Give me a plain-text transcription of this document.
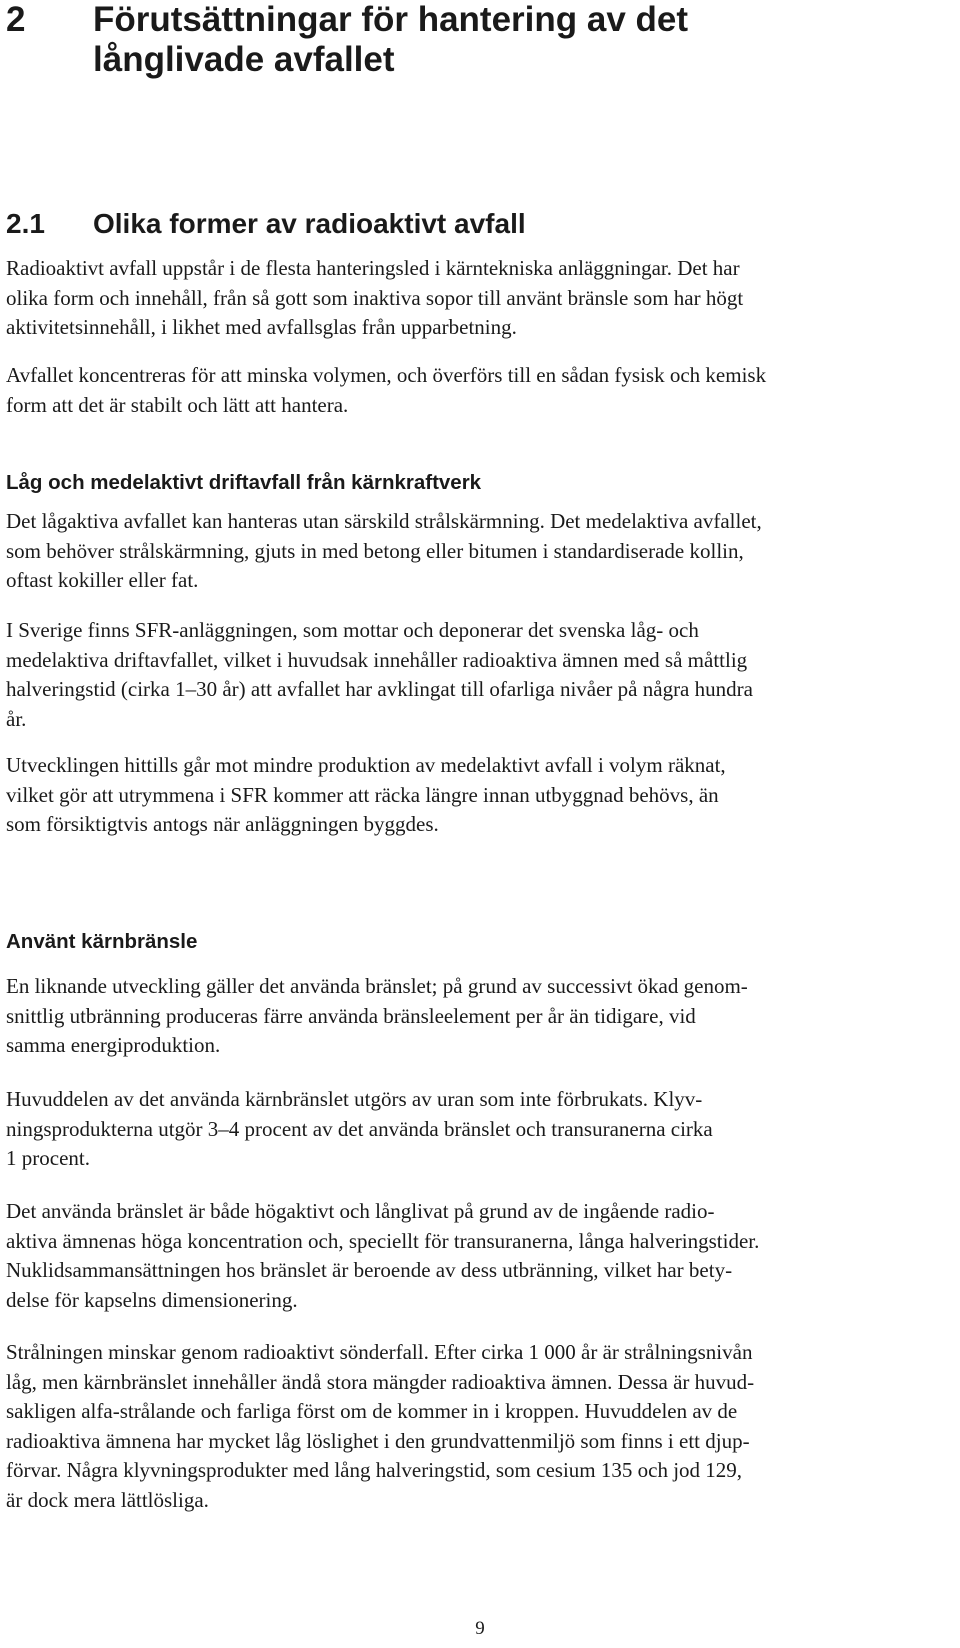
2	Förutsättningar för hantering av det
långlivade avfallet
2.1	Olika former av radioaktivt avfall

Radioaktivt avfall uppstår i de flesta hanteringsled i kärntekniska anläggningar. Det har
olika form och innehåll, från så gott som inaktiva sopor till använt bränsle som har högt
aktivitetsinnehåll, i likhet med avfallsglas från upparbetning.

Avfallet koncentreras för att minska volymen, och överförs till en sådan fysisk och kemisk
form att det är stabilt och lätt att hantera.

Låg och medelaktivt driftavfall från kärnkraftverk

Det lågaktiva avfallet kan hanteras utan särskild strålskärmning. Det medelaktiva avfallet,
som behöver strålskärmning, gjuts in med betong eller bitumen i standardiserade kollin,
oftast kokiller eller fat.

I Sverige finns SFR-anläggningen, som mottar och deponerar det svenska låg- och
medelaktiva driftavfallet, vilket i huvudsak innehåller radioaktiva ämnen med så måttlig
halveringstid (cirka 1–30 år) att avfallet har avklingat till ofarliga nivåer på några hundra
år.

Utvecklingen hittills går mot mindre produktion av medelaktivt avfall i volym räknat,
vilket gör att utrymmena i SFR kommer att räcka längre innan utbyggnad behövs, än
som försiktigtvis antogs när anläggningen byggdes.

Använt kärnbränsle

En liknande utveckling gäller det använda bränslet; på grund av successivt ökad genom-
snittlig utbränning produceras färre använda bränsleelement per år än tidigare, vid
samma energiproduktion.

Huvuddelen av det använda kärnbränslet utgörs av uran som inte förbrukats. Klyv-
ningsprodukterna utgör 3–4 procent av det använda bränslet och transuranerna cirka
1 procent.

Det använda bränslet är både högaktivt och långlivat på grund av de ingående radio-
aktiva ämnenas höga koncentration och, speciellt för transuranerna, långa halveringstider.
Nuklidsammansättningen hos bränslet är beroende av dess utbränning, vilket har bety-
delse för kapselns dimensionering.

Strålningen minskar genom radioaktivt sönderfall. Efter cirka 1 000 år är strålningsnivån
låg, men kärnbränslet innehåller ändå stora mängder radioaktiva ämnen. Dessa är huvud-
sakligen alfa-strålande och farliga först om de kommer in i kroppen. Huvuddelen av de
radioaktiva ämnena har mycket låg löslighet i den grundvattenmiljö som finns i ett djup-
förvar. Några klyvningsprodukter med lång halveringstid, som cesium 135 och jod 129,
är dock mera lättlösliga.

9
